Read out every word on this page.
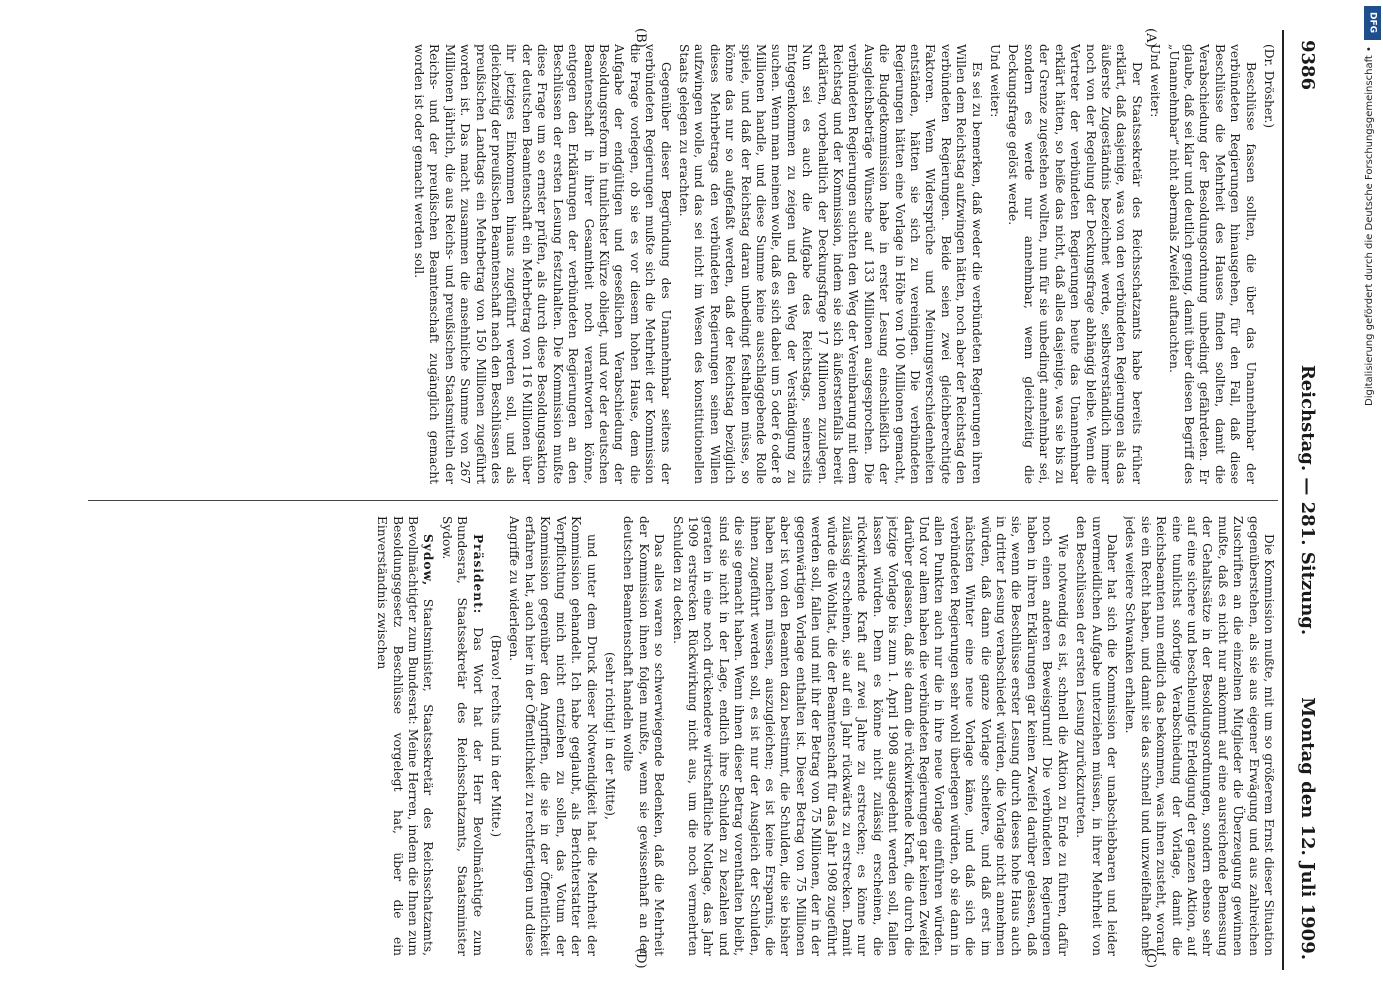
9386
Reichstag. — 281. Sitzung.
Montag den 12. Juli 1909.
(A)
(B)
(C)
(D)

(Dr. Drösher.)

Beschlüsse fassen sollten, die über das Unannehmbar der verbündeten Regierungen hinausgehen, für den Fall, daß diese Beschlüsse die Mehrheit des Hauses finden sollten, damit die Verabschiedung der Besoldungsordnung unbedingt gefährdeten. Er glaube, daß sei klar und deutlich genug, damit über diesen Begriff des „Unannehmbar“ nicht abermals Zweifel auftauchten.

Und weiter:

Der Staatssekretär des Reichsschatzamts habe bereits früher erklärt, daß dasjenige, was von den verbündeten Regierungen als das äußerste Zugeständnis bezeichnet werde, selbstverständlich immer noch von der Regelung der Deckungsfrage abhängig bleibe. Wenn die Vertreter der verbündeten Regierungen heute das Unannehmbar erklärt hätten, so heiße das nicht, daß alles dasjenige, was sie bis zu der Grenze zugestehen wollten, nun für sie unbedingt annehmbar sei, sondern es werde nur annehmbar, wenn gleichzeitig die Deckungsfrage gelöst werde.

Und weiter:

Es sei zu bemerken, daß weder die verbündeten Regierungen ihren Willen dem Reichstag aufzwingen hätten, noch aber der Reichstag den verbündeten Regierungen. Beide seien zwei gleichberechtigte Faktoren. Wenn Widersprüche und Meinungsverschiedenheiten entständen, hätten sie sich zu vereinigen. Die verbündeten Regierungen hätten eine Vorlage in Höhe von 100 Millionen gemacht, die Budgetkommission habe in erster Lesung einschließlich der Ausgleichsbeträge Wünsche auf 133 Millionen ausgesprochen. Die verbündeten Regierungen suchten den Weg der Vereinbarung mit dem Reichstag und der Kommission, indem sie sich äußerstenfalls bereit erklärten, vorbehaltlich der Deckungsfrage 17 Millionen zuzulegen. Nun sei es auch die Aufgabe des Reichstags, seinerseits Entgegenkommen zu zeigen und den Weg der Verständigung zu suchen. Wenn man meinen wolle, daß es sich dabei um 5 oder 6 oder 8 Millionen handle, und diese Summe keine ausschlaggebende Rolle spiele, und daß der Reichstag daran unbedingt festhalten müsse, so könne das nur so aufgefaßt werden, daß der Reichstag bezüglich dieses Mehrbetrags den verbündeten Regierungen seinen Willen aufzwingen wolle, und das sei nicht im Wesen des konstitutionellen Staats gelegen zu erachten.

Gegenüber dieser Begründung des Unannehmbar seitens der verbündeten Regierungen mußte sich die Mehrheit der Kommission die Frage vorlegen, ob sie es vor diesem hohen Hause, dem die Aufgabe der endgültigen und geseßlichen Verabschiedung der Besoldungsreform in tunlichster Kürze obliegt, und vor der deutschen Beamtenschaft in ihrer Gesamtheit noch verantworten könne, entgegen den Erklärungen der verbündeten Regierungen an den Beschlüssen der ersten Lesung festzuhalten. Die Kommission mußte diese Frage um so ernster prüfen, als durch diese Besoldungsaktion der deutschen Beamtenschaft ein Mehrbetrag von 116 Millionen über ihr jetziges Einkommen hinaus zugeführt werden soll, und als gleichzeitig der preußischen Beamtenschaft nach den Beschlüssen des preußischen Landtags ein Mehrbetrag von 150 Millionen zugeführt worden ist. Das macht zusammen die ansehnliche Summe von 267 Millionen jährlich, die aus Reichs- und preußischen Staatsmitteln der Reichs- und der preußischen Beamtenschaft zugänglich gemacht worden ist oder gemacht werden soll.

Die Kommission mußte, mit um so größerem Ernst dieser Situation gegenüberstehen, als sie aus eigener Erwägung und aus zahlreichen Zuschriften an die einzelnen Mitglieder die Überzeugung gewinnen mußte, daß es nicht nur ankommt auf eine ausreichende Bemessung der Gehaltssätze in der Besoldungsordnungen, sondern ebenso sehr auf eine sichere und beschleunigte Erledigung der ganzen Aktion, auf eine tunlichst sofortige Verabschiedung der Vorlage, damit die Reichsbeamten nun endlich das bekommen, was ihnen zusteht, worauf sie ein Recht haben, und damit sie das schnell und unzweifelhaft ohne jedes weitere Schwanken erhalten.

Daher hat sich die Kommission der unabschiebbaren und leider unvermeidlichen Aufgabe unterziehen müssen, in ihrer Mehrheit von den Beschlüssen der ersten Lesung zurückzutreten.

Wie notwendig es ist, schnell die Aktion zu Ende zu führen, dafür noch einen anderen Beweisgrund! Die verbündeten Regierungen haben in ihren Erklärungen gar keinen Zweifel darüber gelassen, daß sie, wenn die Beschlüsse erster Lesung durch dieses hohe Haus auch in dritter Lesung verabschiedet würden, die Vorlage nicht annehmen würden, daß dann die ganze Vorlage scheitere, und daß erst im nächsten Winter eine neue Vorlage käme, und daß sich die verbündeten Regierungen sehr wohl überlegen würden, ob sie dann in allen Punkten auch nur die in ihre neue Vorlage einführen würden. Und vor allem haben die verbündeten Regierungen gar keinen Zweifel darüber gelassen, daß sie dann die rückwirkende Kraft, die durch die jetzige Vorlage bis zum 1. April 1908 ausgedehnt werden soll, fallen lassen würden. Denn es könne nicht zulässig erscheinen, die rückwirkende Kraft auf zwei Jahre zu erstrecken; es könne nur zulässig erscheinen, sie auf ein Jahr rückwärts zu erstrecken. Damit würde die Wohltat, die der Beamtenschaft für das Jahr 1908 zugeführt werden soll, fallen und mit ihr der Betrag von 75 Millionen, der in der gegenwärtigen Vorlage enthalten ist. Dieser Betrag von 75 Millionen aber ist von den Beamten dazu bestimmt, die Schulden, die sie bisher haben machen müssen, auszugleichen; es ist keine Ersparnis, die ihnen zugeführt werden soll, es ist nur der Ausgleich der Schulden, die sie gemacht haben. Wenn ihnen dieser Betrag vorenthalten bleibt, sind sie nicht in der Lage, endlich ihre Schulden zu bezahlen und geraten in eine noch drückendere wirtschaftliche Notlage, das Jahr 1909 erstrecken Rückwirkung nicht aus, um die noch vermehrten Schulden zu decken.

Das alles waren so schwerwiegende Bedenken, daß die Mehrheit der Kommission ihnen folgen mußte, wenn sie gewissenhaft an der deutschen Beamtenschaft handeln wollte

(sehr richtig! in der Mitte),

und unter dem Druck dieser Notwendigkeit hat die Mehrheit der Kommission gehandelt. Ich habe geglaubt, als Berichterstatter der Verpflichtung mich nicht entziehen zu sollen, das Votum der Kommission gegenüber den Angriffen, die sie in der Öffentlichkeit erfahren hat, auch hier in der Öffentlichkeit zu rechtfertigen und diese Angriffe zu widerlegen.

(Bravo! rechts und in der Mitte.)

Präsident: Das Wort hat der Herr Bevollmächtigte zum Bundesrat, Staatssekretär des Reichsschatzamts, Staatsminister Sydow.

Sydow, Staatsminister, Staatssekretär des Reichsschatzamts, Bevollmächtigter zum Bundesrat: Meine Herren, indem die Ihnen zum Besoldungsgesetz Beschlüsse vorgelegt hat, über die ein Einverständnis zwischen

DFG
Digitalisierung gefördert durch die Deutsche Forschungsgemeinschaft •
